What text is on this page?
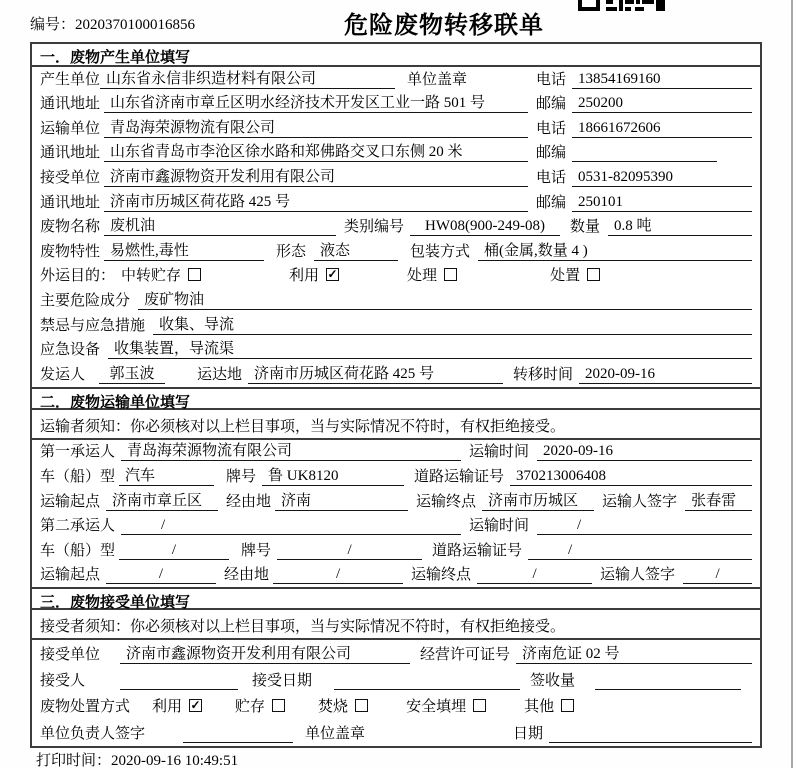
编号：2020370100016856	危险废物转移联单
一．废物产生单位填写
产生单位 山东省永信非织造材料有限公司	单位盖章	电话 13854169160
通讯地址 山东省济南市章丘区明水经济技术开发区工业一路 501 号	邮编 250200
运输单位 青岛海荣源物流有限公司	电话 18661672606
通讯地址 山东省青岛市李沧区徐水路和郑佛路交叉口东侧 20 米	邮编
接受单位 济南市鑫源物资开发利用有限公司	电话 0531-82095390
通讯地址 济南市历城区荷花路 425 号	邮编 250101
废物名称 废机油	类别编号	HW08(900-249-08)	数量 0.8 吨
废物特性 易燃性,毒性	形态 液态	包装方式 桶(金属,数量 4 )
外运目的： 中转贮存	利用 ✓	处理	处置
主要危险成分 废矿物油
禁忌与应急措施 收集、导流
应急设备 收集装置，导流渠
发运人	郭玉波	运达地 济南市历城区荷花路 425 号	转移时间 2020-09-16
二．废物运输单位填写
运输者须知：你必须核对以上栏目事项，当与实际情况不符时，有权拒绝接受。
第一承运人 青岛海荣源物流有限公司	运输时间 2020-09-16
车（船）型 汽车	牌号 鲁 UK8120	道路运输证号 370213006408
运输起点 济南市章丘区	经由地 济南	运输终点 济南市历城区	运输人签字 张春雷
第二承运人	/	运输时间	/
车（船）型	/	牌号	/	道路运输证号	/
运输起点	/	经由地	/	运输终点	/	运输人签字	/
三．废物接受单位填写
接受者须知：你必须核对以上栏目事项，当与实际情况不符时，有权拒绝接受。
接受单位	济南市鑫源物资开发利用有限公司	经营许可证号 济南危证 02 号
接受人	接受日期	签收量
废物处置方式 利用 ✓ 贮存	焚烧	安全填埋	其他
单位负责人签字	单位盖章	日期
打印时间：2020-09-16 10:49:51
